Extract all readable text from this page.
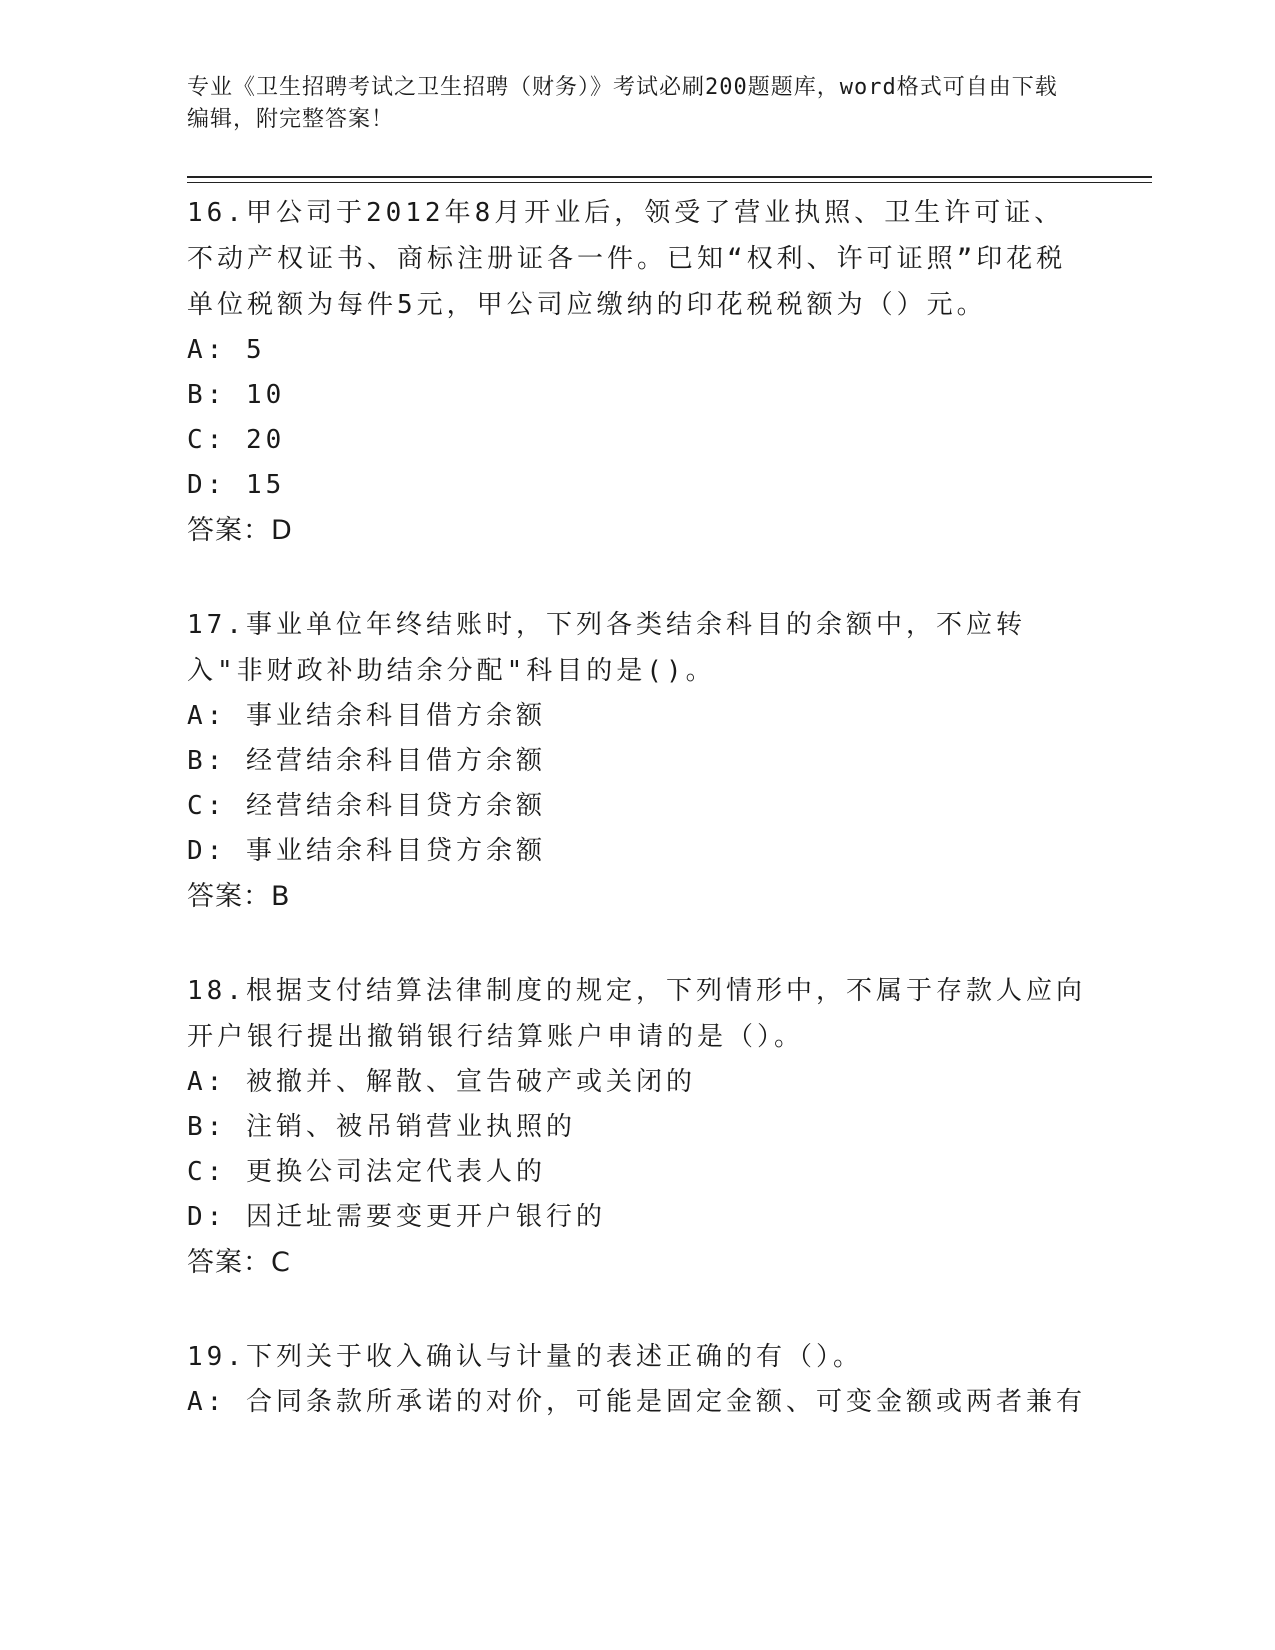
专业《卫生招聘考试之卫生招聘（财务）》考试必刷200题题库，word格式可自由下载编辑，附完整答案！

16.甲公司于2012年8月开业后，领受了营业执照、卫生许可证、不动产权证书、商标注册证各一件。已知“权利、许可证照”印花税单位税额为每件5元，甲公司应缴纳的印花税税额为（）元。

A: 5

B: 10

C: 20

D: 15

答案：D

17.事业单位年终结账时，下列各类结余科目的余额中，不应转入"非财政补助结余分配"科目的是()。

A: 事业结余科目借方余额

B: 经营结余科目借方余额

C: 经营结余科目贷方余额

D: 事业结余科目贷方余额

答案：B

18.根据支付结算法律制度的规定，下列情形中，不属于存款人应向开户银行提出撤销银行结算账户申请的是（）。

A: 被撤并、解散、宣告破产或关闭的

B: 注销、被吊销营业执照的

C: 更换公司法定代表人的

D: 因迁址需要变更开户银行的

答案：C

19.下列关于收入确认与计量的表述正确的有（）。

A: 合同条款所承诺的对价，可能是固定金额、可变金额或两者兼有
